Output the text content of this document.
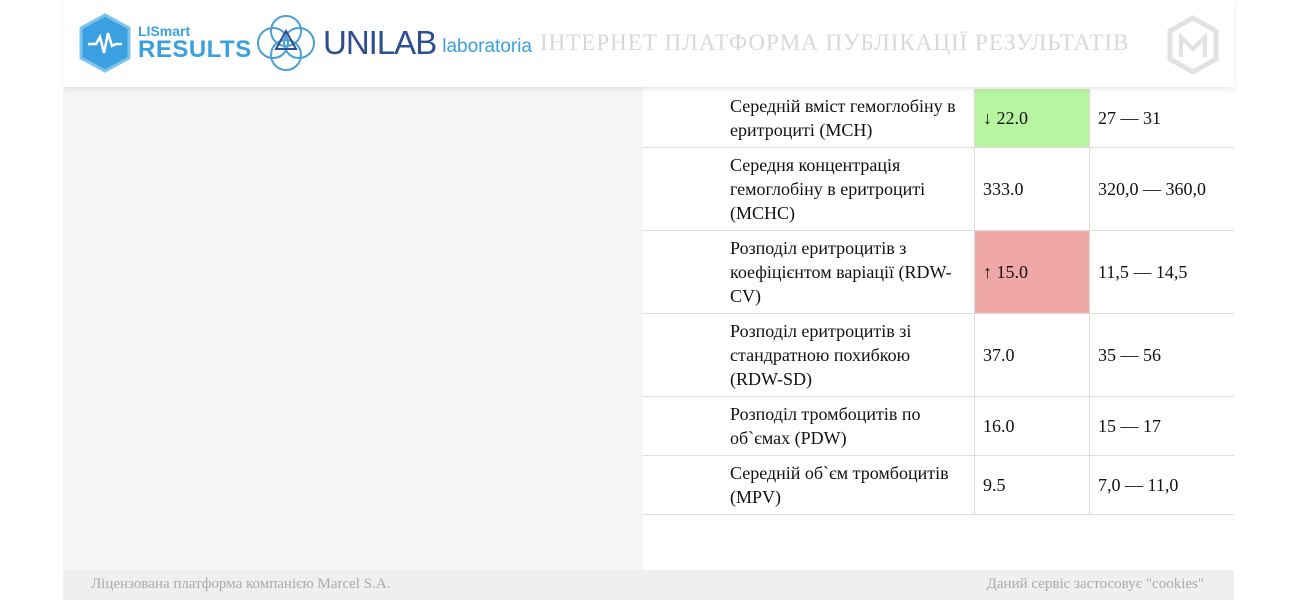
LISmart
RESULTS UNILAB laboratoria ІНТЕРНЕТ ПЛАТФОРМА ПУБЛІКАЦІЇ РЕЗУЛЬТАТІВ
Середній вміст гемоглобіну в еритроциті (MCH)
↓ 22.0	27 — 31
Середня концентрація гемоглобіну в еритроциті (MCHC)
333.0	320,0 — 360,0
Розподіл еритроцитів з коефіцієнтом варіації (RDW-CV)
↑ 15.0	11,5 — 14,5
Розподіл еритроцитів зі стандратною похибкою (RDW-SD)
37.0	35 — 56
Розподіл тромбоцитів по об`ємах (PDW)
16.0	15 — 17
Середній об`єм тромбоцитів (MPV)
9.5	7,0 — 11,0
Ліцензована платформа компанією Marcel S.A.	Даний сервіс застосовує "cookies"
